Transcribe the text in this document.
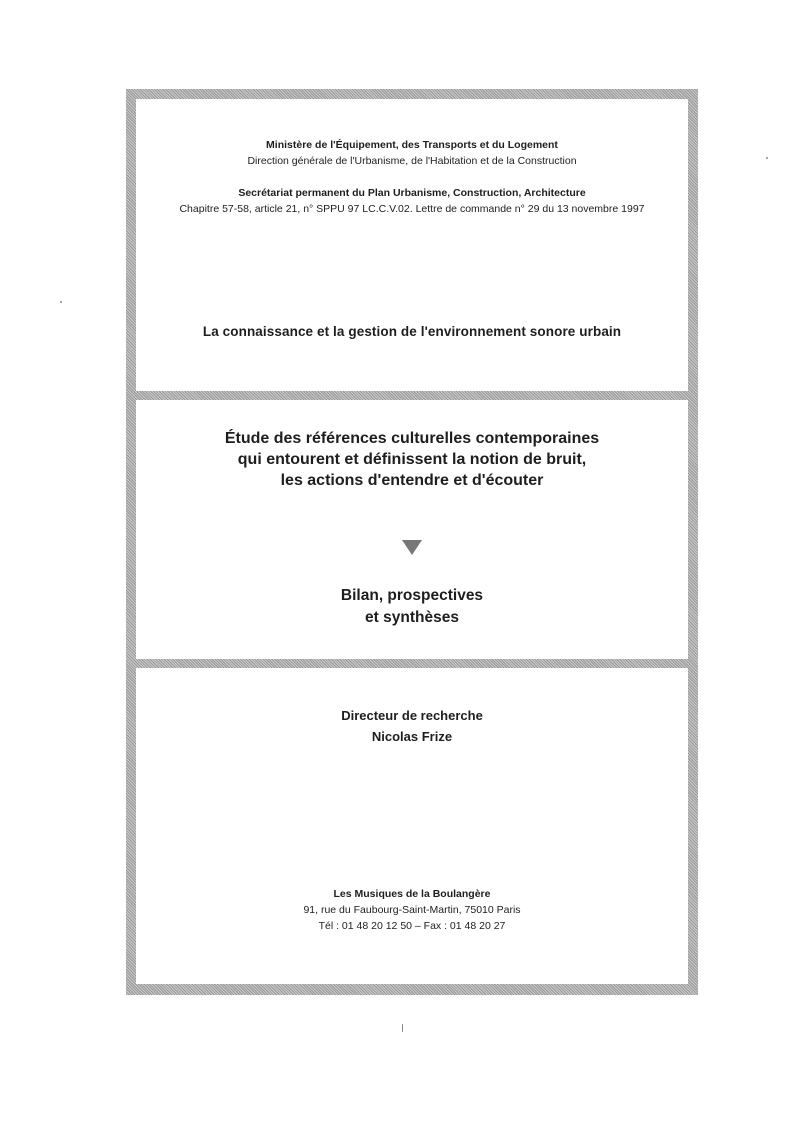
Ministère de l'Équipement, des Transports et du Logement
Direction générale de l'Urbanisme, de l'Habitation et de la Construction
Secrétariat permanent du Plan Urbanisme, Construction, Architecture
Chapitre 57-58, article 21, n° SPPU 97 LC.C.V.02. Lettre de commande n° 29 du 13 novembre 1997
La connaissance et la gestion de l'environnement sonore urbain
Étude des références culturelles contemporaines
qui entourent et définissent la notion de bruit,
les actions d'entendre et d'écouter
Bilan, prospectives
et synthèses
Directeur de recherche
Nicolas Frize
Les Musiques de la Boulangère
91, rue du Faubourg-Saint-Martin, 75010 Paris
Tél : 01 48 20 12 50 – Fax : 01 48 20 27
